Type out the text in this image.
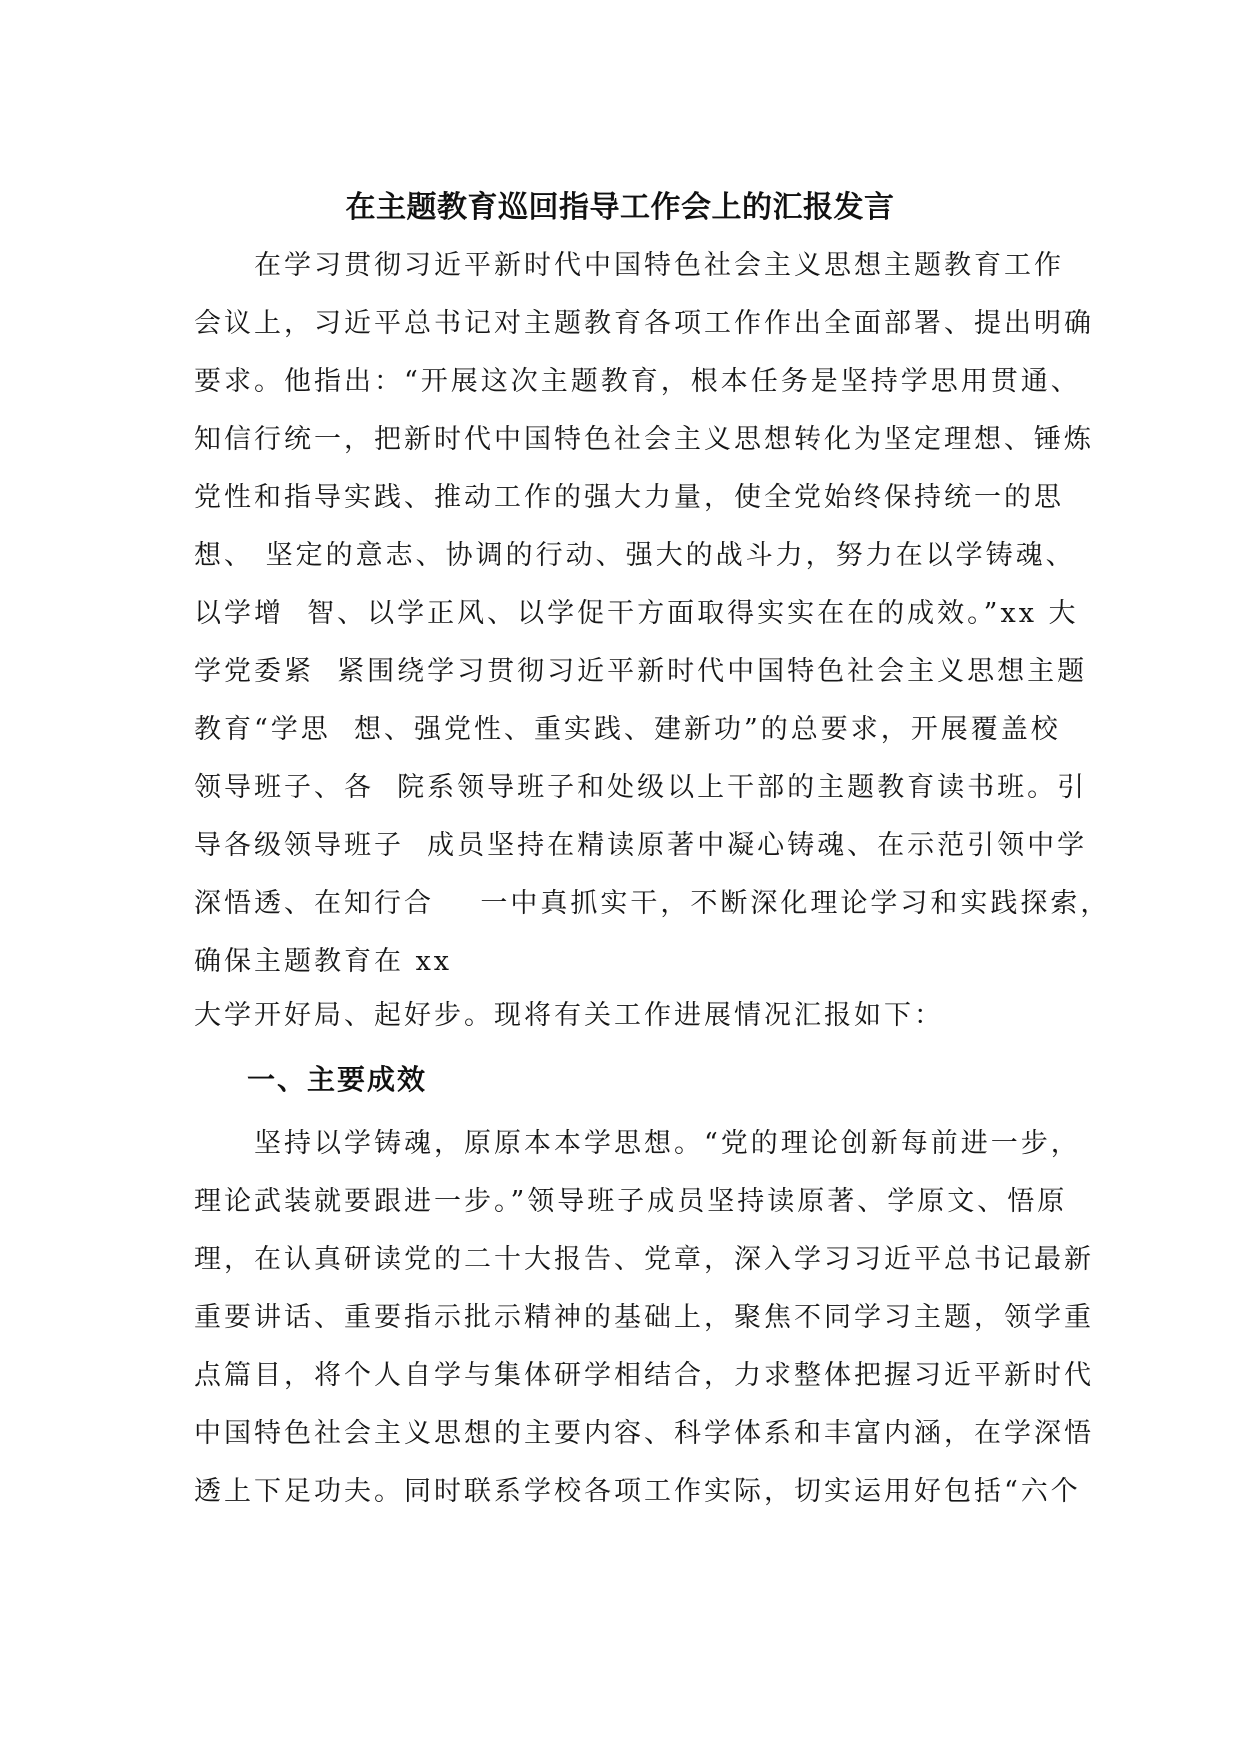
在主题教育巡回指导工作会上的汇报发言
　　在学习贯彻习近平新时代中国特色社会主义思想主题教育工作
会议上，习近平总书记对主题教育各项工作作出全面部署、提出明确
要求。他指出：“开展这次主题教育，根本任务是坚持学思用贯通、
知信行统一，把新时代中国特色社会主义思想转化为坚定理想、锤炼
党性和指导实践、推动工作的强大力量，使全党始终保持统一的思
想、 坚定的意志、协调的行动、强大的战斗力，努力在以学铸魂、
以学增  智、以学正风、以学促干方面取得实实在在的成效。”xx 大
学党委紧  紧围绕学习贯彻习近平新时代中国特色社会主义思想主题
教育“学思  想、强党性、重实践、建新功”的总要求，开展覆盖校
领导班子、各  院系领导班子和处级以上干部的主题教育读书班。引
导各级领导班子  成员坚持在精读原著中凝心铸魂、在示范引领中学
深悟透、在知行合    一中真抓实干，不断深化理论学习和实践探索，
确保主题教育在 xx
大学开好局、起好步。现将有关工作进展情况汇报如下：
一、主要成效
　　坚持以学铸魂，原原本本学思想。“党的理论创新每前进一步，
理论武装就要跟进一步。”领导班子成员坚持读原著、学原文、悟原
理，在认真研读党的二十大报告、党章，深入学习习近平总书记最新
重要讲话、重要指示批示精神的基础上，聚焦不同学习主题，领学重
点篇目，将个人自学与集体研学相结合，力求整体把握习近平新时代
中国特色社会主义思想的主要内容、科学体系和丰富内涵，在学深悟
透上下足功夫。同时联系学校各项工作实际，切实运用好包括“六个
